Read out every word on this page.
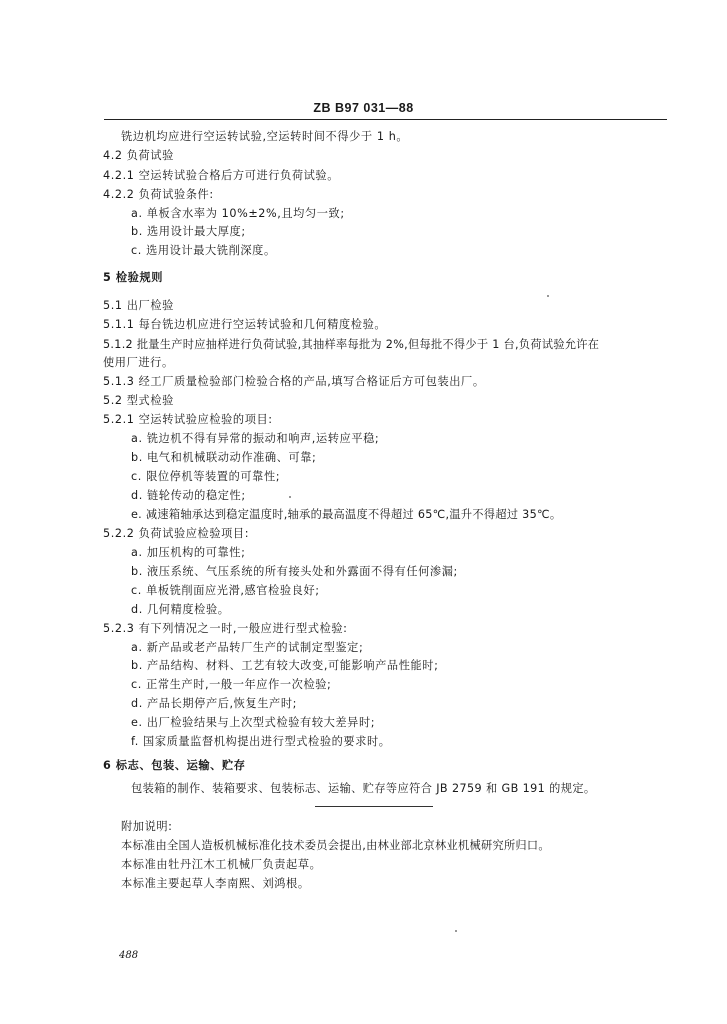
ZB B97 031—88
铣边机均应进行空运转试验,空运转时间不得少于 1 h。
4.2 负荷试验
4.2.1 空运转试验合格后方可进行负荷试验。
4.2.2 负荷试验条件:
a. 单板含水率为 10%±2%,且均匀一致;
b. 选用设计最大厚度;
c. 选用设计最大铣削深度。
5 检验规则
5.1 出厂检验
5.1.1 每台铣边机应进行空运转试验和几何精度检验。
5.1.2 批量生产时应抽样进行负荷试验,其抽样率每批为 2%,但每批不得少于 1 台,负荷试验允许在
使用厂进行。
5.1.3 经工厂质量检验部门检验合格的产品,填写合格证后方可包装出厂。
5.2 型式检验
5.2.1 空运转试验应检验的项目:
a. 铣边机不得有异常的振动和响声,运转应平稳;
b. 电气和机械联动动作准确、可靠;
c. 限位停机等装置的可靠性;
d. 链轮传动的稳定性;
e. 减速箱轴承达到稳定温度时,轴承的最高温度不得超过 65℃,温升不得超过 35℃。
5.2.2 负荷试验应检验项目:
a. 加压机构的可靠性;
b. 液压系统、气压系统的所有接头处和外露面不得有任何渗漏;
c. 单板铣削面应光滑,感官检验良好;
d. 几何精度检验。
5.2.3 有下列情况之一时,一般应进行型式检验:
a. 新产品或老产品转厂生产的试制定型鉴定;
b. 产品结构、材料、工艺有较大改变,可能影响产品性能时;
c. 正常生产时,一般一年应作一次检验;
d. 产品长期停产后,恢复生产时;
e. 出厂检验结果与上次型式检验有较大差异时;
f. 国家质量监督机构提出进行型式检验的要求时。
6 标志、包装、运输、贮存
包装箱的制作、装箱要求、包装标志、运输、贮存等应符合 JB 2759 和 GB 191 的规定。
附加说明:
本标准由全国人造板机械标准化技术委员会提出,由林业部北京林业机械研究所归口。
本标准由牡丹江木工机械厂负责起草。
本标准主要起草人李南熙、刘鸿根。
488
